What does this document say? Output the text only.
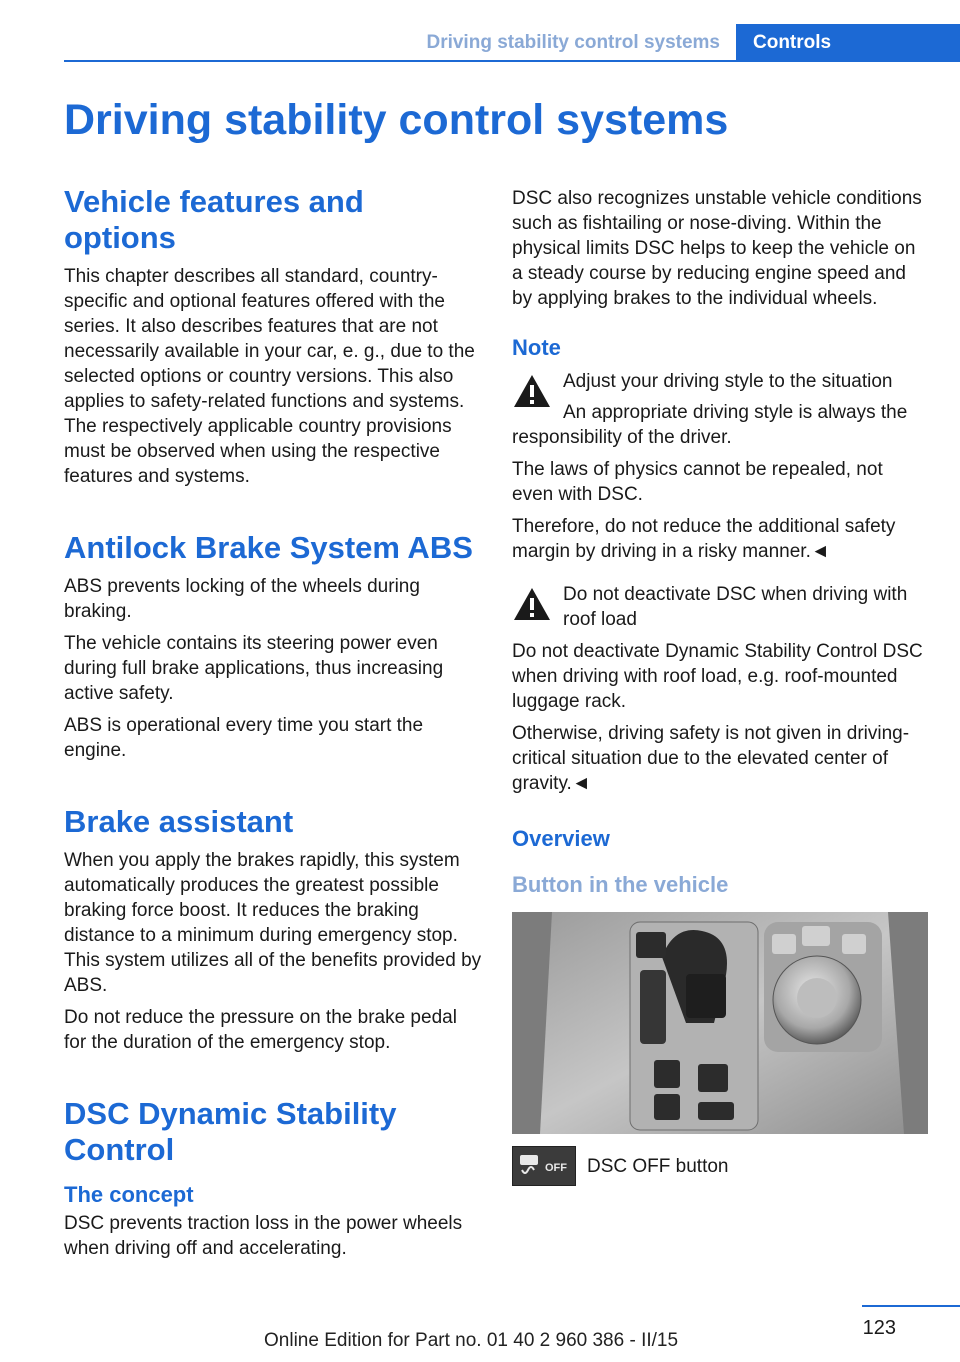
Driving stability control systems	Controls
Driving stability control systems
Vehicle features and options

This chapter describes all standard, country-specific and optional features offered with the series. It also describes features that are not necessarily available in your car, e. g., due to the selected options or country versions. This also applies to safety-related functions and systems. The respectively applicable country provisions must be observed when using the respective features and systems.

Antilock Brake System ABS

ABS prevents locking of the wheels during braking.

The vehicle contains its steering power even during full brake applications, thus increasing active safety.

ABS is operational every time you start the engine.

Brake assistant

When you apply the brakes rapidly, this system automatically produces the greatest possible braking force boost. It reduces the braking distance to a minimum during emergency stop. This system utilizes all of the benefits provided by ABS.

Do not reduce the pressure on the brake pedal for the duration of the emergency stop.

DSC Dynamic Stability Control
The concept

DSC prevents traction loss in the power wheels when driving off and accelerating.

DSC also recognizes unstable vehicle conditions such as fishtailing or nose-diving. Within the physical limits DSC helps to keep the vehicle on a steady course by reducing engine speed and by applying brakes to the individual wheels.

Note
Adjust your driving style to the situation

An appropriate driving style is always the responsibility of the driver.

The laws of physics cannot be repealed, not even with DSC.

Therefore, do not reduce the additional safety margin by driving in a risky manner.◄

Do not deactivate DSC when driving with roof load

Do not deactivate Dynamic Stability Control DSC when driving with roof load, e.g. roof-mounted luggage rack.

Otherwise, driving safety is not given in driving-critical situation due to the elevated center of gravity.◄

Overview
Button in the vehicle
OFF DSC OFF button
123
Online Edition for Part no. 01 40 2 960 386 - II/15
